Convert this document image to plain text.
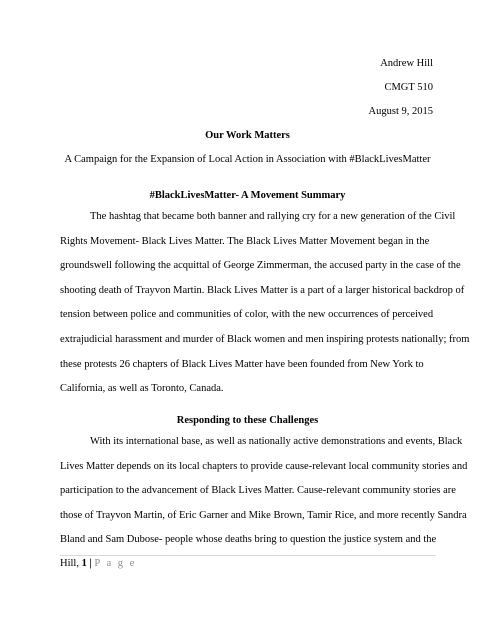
Andrew Hill
CMGT 510
August 9, 2015
Our Work Matters
A Campaign for the Expansion of Local Action in Association with #BlackLivesMatter
#BlackLivesMatter- A Movement Summary
The hashtag that became both banner and rallying cry for a new generation of the Civil
Rights Movement- Black Lives Matter. The Black Lives Matter Movement began in the
groundswell following the acquittal of George Zimmerman, the accused party in the case of the
shooting death of Trayvon Martin. Black Lives Matter is a part of a larger historical backdrop of
tension between police and communities of color, with the new occurrences of perceived
extrajudicial harassment and murder of Black women and men inspiring protests nationally; from
these protests 26 chapters of Black Lives Matter have been founded from New York to
California, as well as Toronto, Canada.
Responding to these Challenges
With its international base, as well as nationally active demonstrations and events, Black
Lives Matter depends on its local chapters to provide cause-relevant local community stories and
participation to the advancement of Black Lives Matter. Cause-relevant community stories are
those of Trayvon Martin, of Eric Garner and Mike Brown, Tamir Rice, and more recently Sandra
Bland and Sam Dubose- people whose deaths bring to question the justice system and the
Hill, 1 | P a g e
